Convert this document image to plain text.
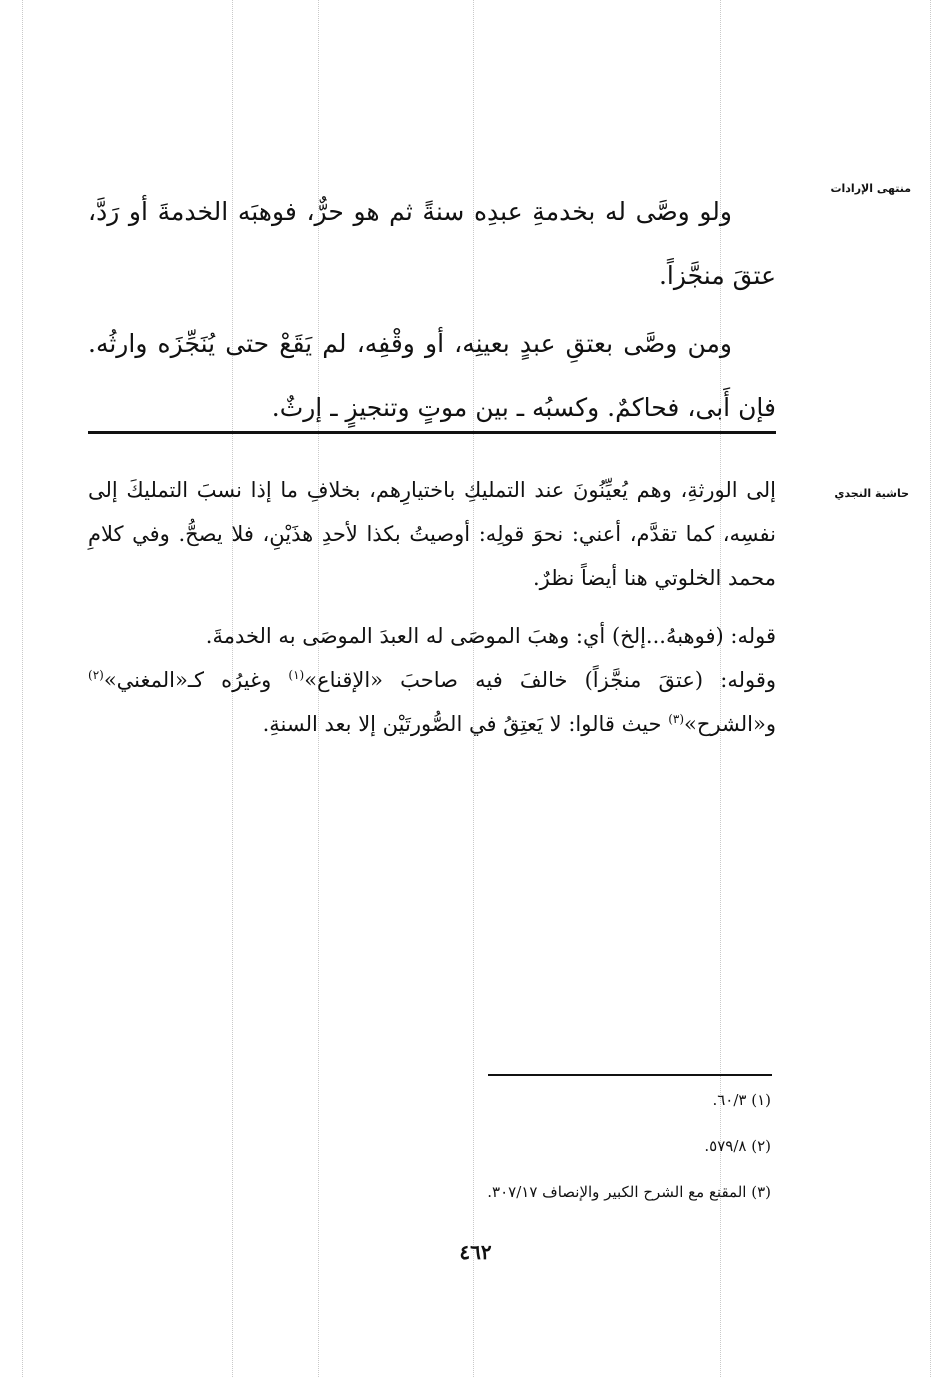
منتهى الإرادات

ولو وصَّى له بخدمةِ عبدِه سنةً ثم هو حرٌّ، فوهبَه الخدمةَ أو رَدَّ، عتقَ منجَّزاً.

ومن وصَّى بعتقِ عبدٍ بعينِه، أو وقْفِه، لم يَقَعْ حتى يُنَجِّزَه وارثُه. فإن أَبى، فحاكمٌ. وكسبُه ـ بين موتٍ وتنجيزٍ ـ إرثٌ.

حاشية النجدي

إلى الورثةِ، وهم يُعيِّنُونَ عند التمليكِ باختيارِهم، بخلافِ ما إذا نسبَ التمليكَ إلى نفسِه، كما تقدَّم، أعني: نحوَ قولِه: أوصيتُ بكذا لأحدِ هذَيْنِ، فلا يصحُّ. وفي كلامِ محمد الخلوتي هنا أيضاً نظرٌ.

قوله: (فوهبهُ...إلخ) أي: وهبَ الموصَى له العبدَ الموصَى به الخدمةَ.

وقوله: (عتقَ منجَّزاً) خالفَ فيه صاحبَ «الإقناع»$^{(١)}$ وغيرُه كـ«المغني»$^{(٢)}$ و«الشرح»$^{(٣)}$ حيث قالوا: لا يَعتِقُ في الصُّورتَيْن إلا بعد السنةِ.

(١) ٦٠/٣.

(٢) ٥٧٩/٨.

(٣) المقنع مع الشرح الكبير والإنصاف ٣٠٧/١٧.

٤٦٢
